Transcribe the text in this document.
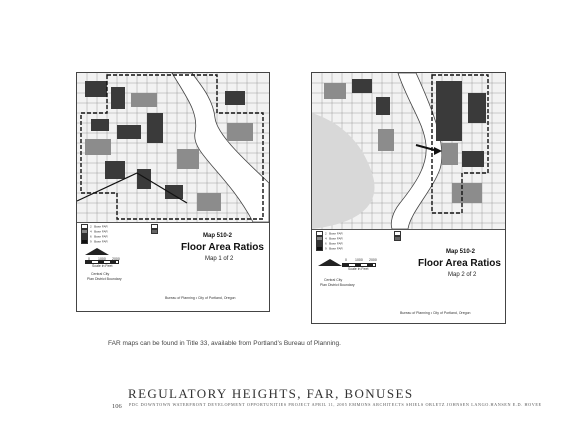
2   Base FAR
4   Base FAR
6   Base FAR
9   Base FAR

0 1000 2000
Scale in Feet
Central City
Plan District Boundary
Map 510-2
Floor Area Ratios
Map 1 of 2
Bureau of Planning • City of Portland, Oregon
2   Base FAR
4   Base FAR
6   Base FAR
9   Base FAR

0 1000 2000
Scale in Feet
Central City
Plan District Boundary
Map 510-2
Floor Area Ratios
Map 2 of 2
Bureau of Planning • City of Portland, Oregon
FAR maps can be found in Title 33, available from Portland’s Bureau of Planning.
REGULATORY HEIGHTS, FAR, BONUSES
106 PDC DOWNTOWN WATERFRONT DEVELOPMENT OPPORTUNITIES PROJECT APRIL 11, 2005 EMMONS ARCHITECTS SHIELS OBLETZ JOHNSEN LANGO.HANSEN E.D. HOVEE
